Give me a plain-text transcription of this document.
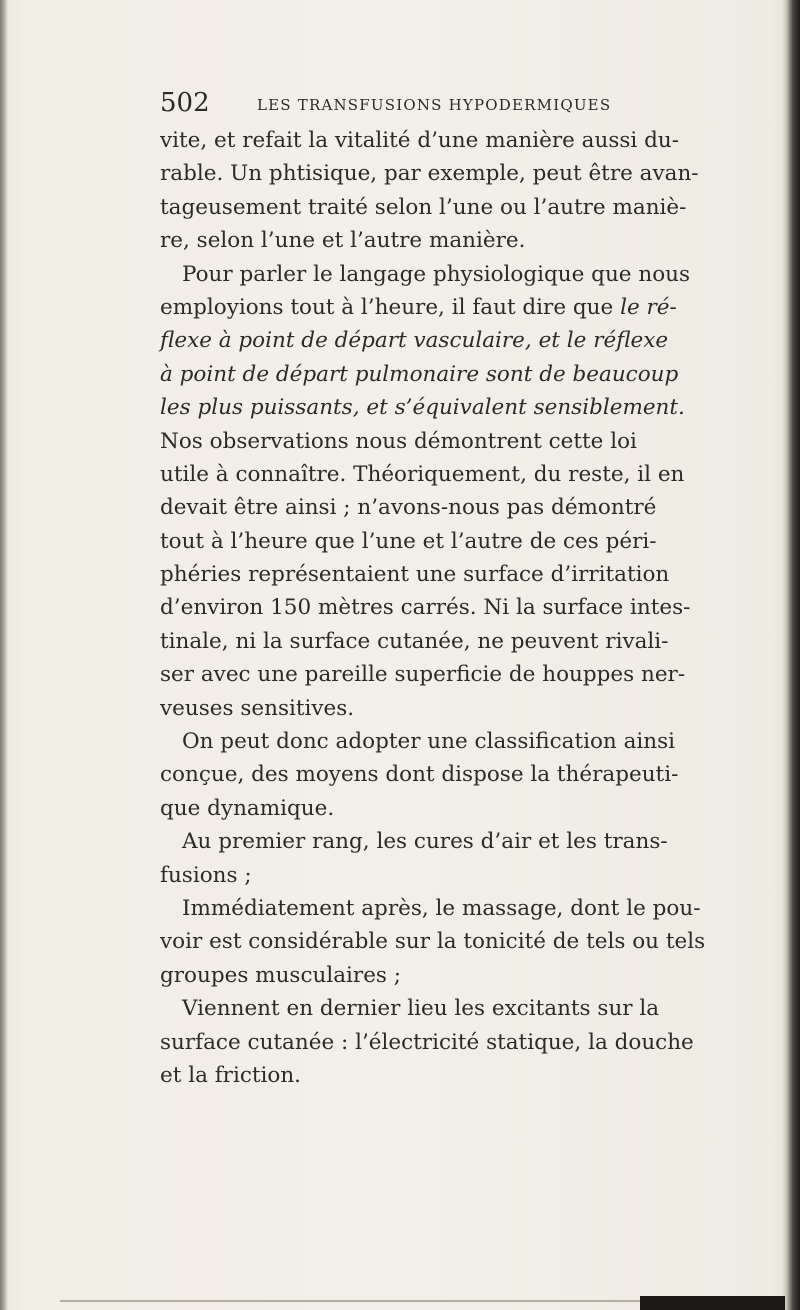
502	LES TRANSFUSIONS HYPODERMIQUES
vite, et refait la vitalité d’une manière aussi du-
rable. Un phtisique, par exemple, peut être avan-
tageusement traité selon l’une ou l’autre maniè-
re, selon l’une et l’autre manière.
Pour parler le langage physiologique que nous
employions tout à l’heure, il faut dire que le ré-
flexe à point de départ vasculaire, et le réflexe
à point de départ pulmonaire sont de beaucoup
les plus puissants, et s’équivalent sensiblement.
Nos observations nous démontrent cette loi
utile à connaître. Théoriquement, du reste, il en
devait être ainsi ; n’avons-nous pas démontré
tout à l’heure que l’une et l’autre de ces péri-
phéries représentaient une surface d’irritation
d’environ 150 mètres carrés. Ni la surface intes-
tinale, ni la surface cutanée, ne peuvent rivali-
ser avec une pareille superficie de houppes ner-
veuses sensitives.
On peut donc adopter une classification ainsi
conçue, des moyens dont dispose la thérapeuti-
que dynamique.
Au premier rang, les cures d’air et les trans-
fusions ;
Immédiatement après, le massage, dont le pou-
voir est considérable sur la tonicité de tels ou tels
groupes musculaires ;
Viennent en dernier lieu les excitants sur la
surface cutanée : l’électricité statique, la douche
et la friction.
